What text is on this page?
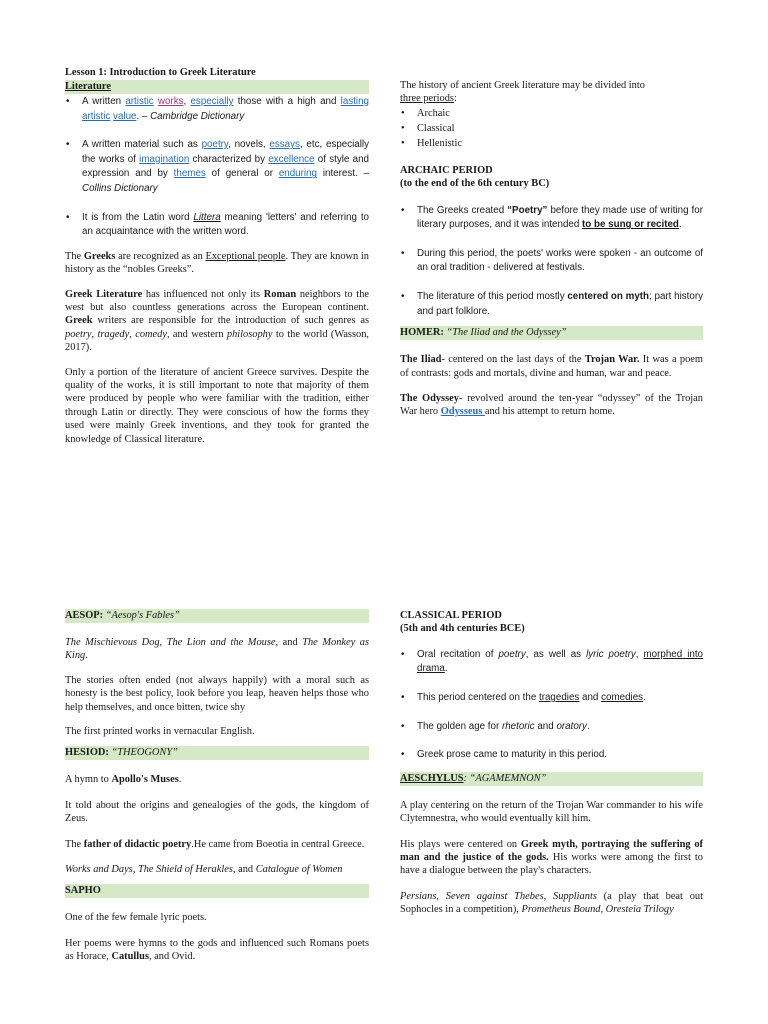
Lesson 1: Introduction to Greek Literature

Literature

• A written artistic works, especially those with a high and lasting artistic value. – Cambridge Dictionary
• A written material such as poetry, novels, essays, etc, especially the works of imagination characterized by excellence of style and expression and by themes of general or enduring interest. – Collins Dictionary
• It is from the Latin word Littera meaning 'letters' and referring to an acquaintance with the written word.

The Greeks are recognized as an Exceptional people. They are known in history as the “nobles Greeks”.

Greek Literature has influenced not only its Roman neighbors to the west but also countless generations across the European continent. Greek writers are responsible for the introduction of such genres as poetry, tragedy, comedy, and western philosophy to the world (Wasson, 2017).

Only a portion of the literature of ancient Greece survives. Despite the quality of the works, it is still important to note that majority of them were produced by people who were familiar with the tradition, either through Latin or directly. They were conscious of how the forms they used were mainly Greek inventions, and they took for granted the knowledge of Classical literature.

The history of ancient Greek literature may be divided into
three periods:

• Archaic
• Classical
• Hellenistic

ARCHAIC PERIOD

(to the end of the 6th century BC)

• The Greeks created “Poetry” before they made use of writing for literary purposes, and it was intended to be sung or recited.
• During this period, the poets' works were spoken - an outcome of an oral tradition - delivered at festivals.
• The literature of this period mostly centered on myth; part history and part folklore.

HOMER: “The Iliad and the Odyssey”

The Iliad- centered on the last days of the Trojan War. It was a poem of contrasts: gods and mortals, divine and human, war and peace.

The Odyssey- revolved around the ten-year “odyssey” of the Trojan War hero Odysseus and his attempt to return home.

AESOP: “Aesop's Fables”

The Mischievous Dog, The Lion and the Mouse, and The Monkey as King.

The stories often ended (not always happily) with a moral such as honesty is the best policy, look before you leap, heaven helps those who help themselves, and once bitten, twice shy

The first printed works in vernacular English.

HESIOD: “THEOGONY”

A hymn to Apollo's Muses.

It told about the origins and genealogies of the gods, the kingdom of Zeus.

The father of didactic poetry.He came from Boeotia in central Greece.

Works and Days, The Shield of Herakles, and Catalogue of Women

SAPHO

One of the few female lyric poets.

Her poems were hymns to the gods and influenced such Romans poets as Horace, Catullus, and Ovid.

CLASSICAL PERIOD

(5th and 4th centuries BCE)

• Oral recitation of poetry, as well as lyric poetry, morphed into drama.
• This period centered on the tragedies and comedies.
• The golden age for rhetoric and oratory.
• Greek prose came to maturity in this period.

AESCHYLUS: “AGAMEMNON”

A play centering on the return of the Trojan War commander to his wife Clytemnestra, who would eventually kill him.

His plays were centered on Greek myth, portraying the suffering of man and the justice of the gods. His works were among the first to have a dialogue between the play's characters.

Persians, Seven against Thebes, Suppliants (a play that beat out Sophocles in a competition), Prometheus Bound, Oresteia Trilogy
